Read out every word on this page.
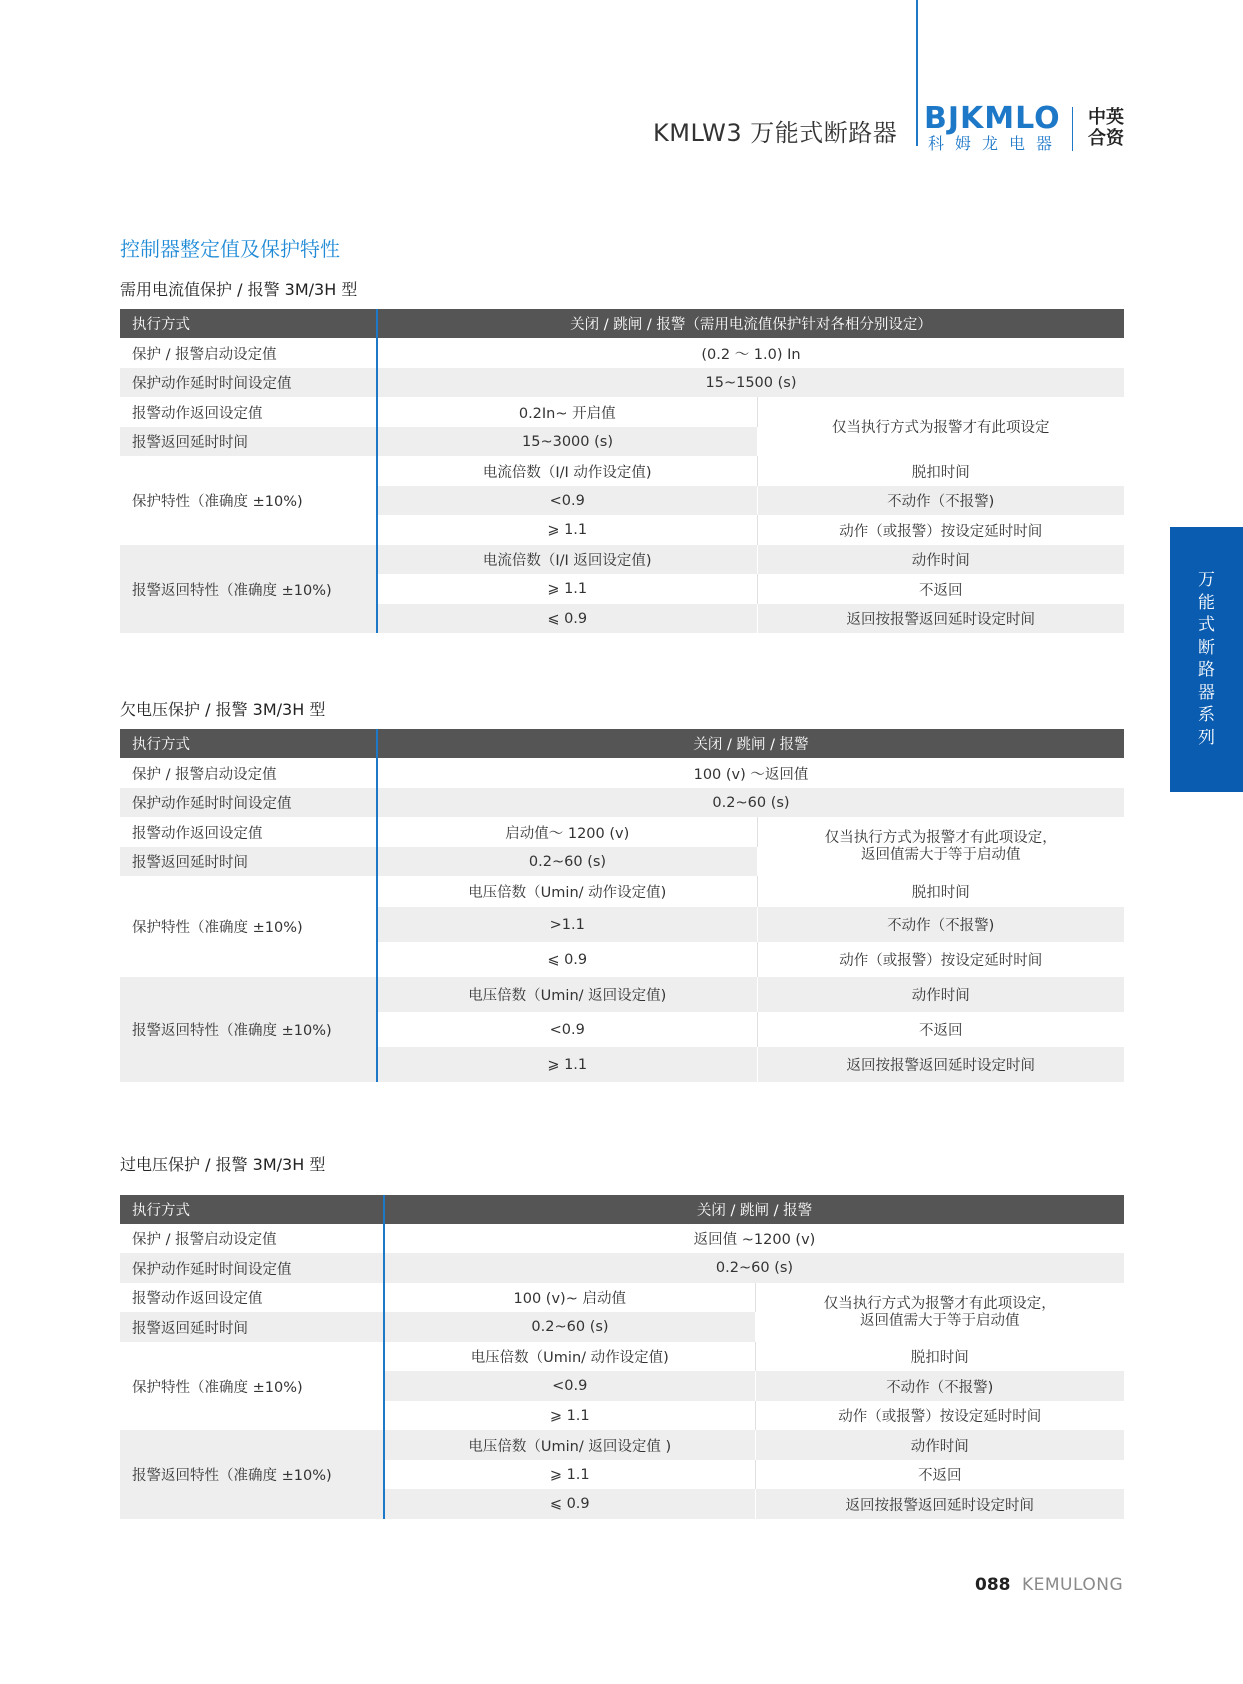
KMLW3 万能式断路器 BJKMLO
科姆龙电器
中英合资
万
能
式
断
路
器
系
列
控制器整定值及保护特性
需用电流值保护 / 报警 3M/3H 型
执行方式	关闭 / 跳闸 / 报警（需用电流值保护针对各相分别设定）	
保护 / 报警启动设定值	(0.2 ～ 1.0) In	
保护动作延时时间设定值	15~1500 (s)	
报警动作返回设定值	0.2In~ 开启值	仅当执行方式为报警才有此项设定
报警返回延时时间	15~3000 (s)	
保护特性（准确度 ±10%)	电流倍数（I/I 动作设定值)	脱扣时间
	<0.9	不动作（不报警)
	⩾ 1.1	动作（或报警）按设定延时时间
报警返回特性（准确度 ±10%)	电流倍数（I/I 返回设定值)	动作时间
	⩾ 1.1	不返回
	⩽ 0.9	返回按报警返回延时设定时间
欠电压保护 / 报警 3M/3H 型
执行方式	关闭 / 跳闸 / 报警	
保护 / 报警启动设定值	100 (v) ～返回值	
保护动作延时时间设定值	0.2~60 (s)	
报警动作返回设定值	启动值～ 1200 (v)	仅当执行方式为报警才有此项设定，
返回值需大于等于启动值

报警返回延时时间	0.2~60 (s)	
保护特性（准确度 ±10%)	电压倍数（Umin/ 动作设定值)	脱扣时间
	>1.1	不动作（不报警)
	⩽ 0.9	动作（或报警）按设定延时时间
报警返回特性（准确度 ±10%)	电压倍数（Umin/ 返回设定值)	动作时间
	<0.9	不返回
	⩾ 1.1	返回按报警返回延时设定时间
过电压保护 / 报警 3M/3H 型
执行方式	关闭 / 跳闸 / 报警	
保护 / 报警启动设定值	返回值 ~1200 (v)	
保护动作延时时间设定值	0.2~60 (s)	
报警动作返回设定值	100 (v)~ 启动值	仅当执行方式为报警才有此项设定，
返回值需大于等于启动值

报警返回延时时间	0.2~60 (s)	
保护特性（准确度 ±10%)	电压倍数（Umin/ 动作设定值)	脱扣时间
	<0.9	不动作（不报警)
	⩾ 1.1	动作（或报警）按设定延时时间
报警返回特性（准确度 ±10%)	电压倍数（Umin/ 返回设定值 )	动作时间
	⩾ 1.1	不返回
	⩽ 0.9	返回按报警返回延时设定时间
088 KEMULONG
